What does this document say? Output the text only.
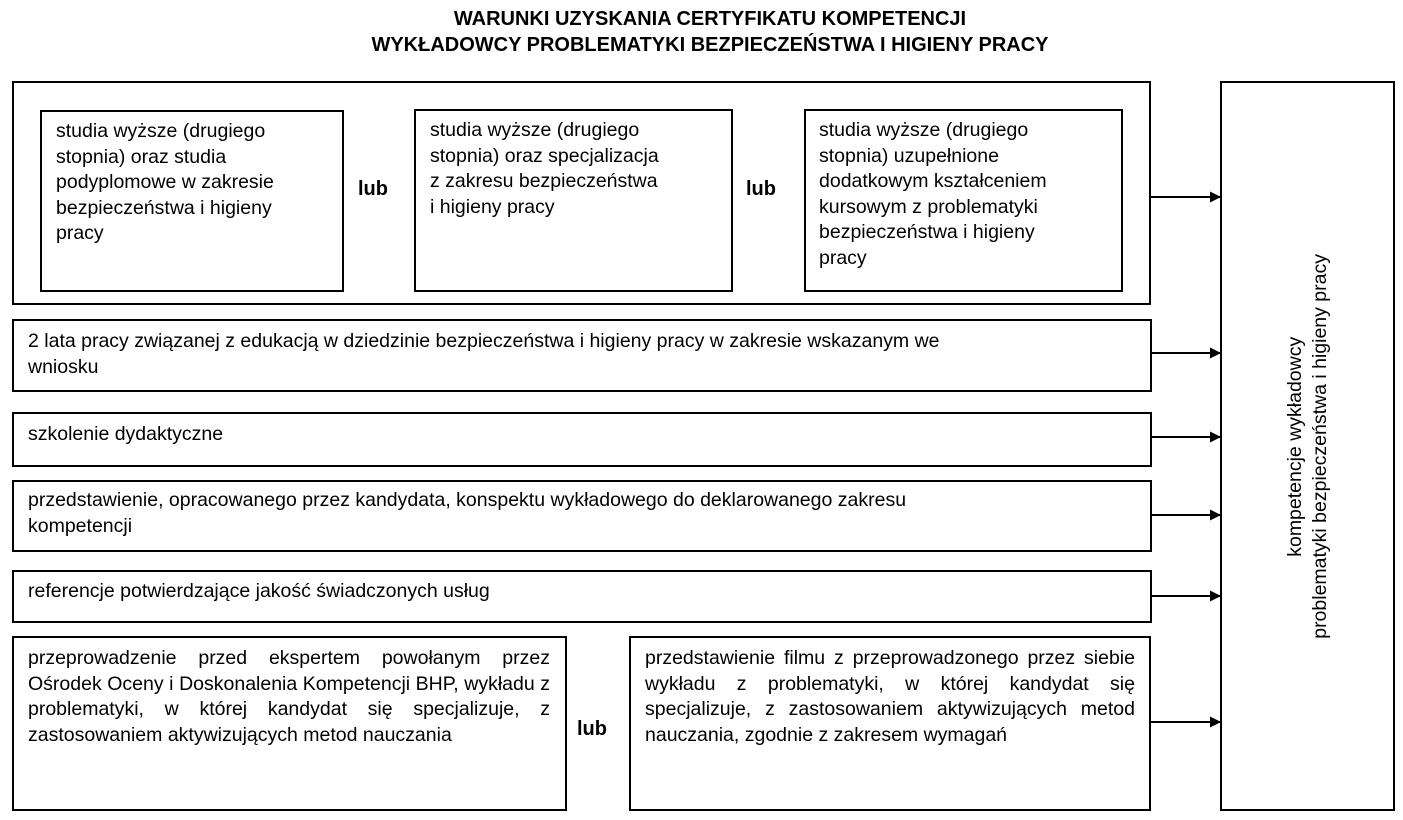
WARUNKI UZYSKANIA CERTYFIKATU KOMPETENCJI
WYKŁADOWCY PROBLEMATYKI BEZPIECZEŃSTWA I HIGIENY PRACY
studia wyższe (drugiego
stopnia) oraz studia
podyplomowe w zakresie
bezpieczeństwa i higieny
pracy
lub
studia wyższe (drugiego
stopnia) oraz specjalizacja
z zakresu bezpieczeństwa
i higieny pracy
lub
studia wyższe (drugiego
stopnia) uzupełnione
dodatkowym kształceniem
kursowym z problematyki
bezpieczeństwa i higieny
pracy
2 lata pracy związanej z edukacją w dziedzinie bezpieczeństwa i higieny pracy w zakresie wskazanym we
wniosku
szkolenie dydaktyczne
przedstawienie, opracowanego przez kandydata, konspektu wykładowego do deklarowanego zakresu
kompetencji
referencje potwierdzające jakość świadczonych usług
przeprowadzenie przed ekspertem powołanym przez Ośrodek Oceny i Doskonalenia Kompetencji BHP, wykładu z problematyki, w której kandydat się specjalizuje, z zastosowaniem aktywizujących metod nauczania	lub
przedstawienie filmu z przeprowadzonego przez siebie wykładu z problematyki, w której kandydat się specjalizuje, z zastosowaniem aktywizujących metod nauczania, zgodnie z zakresem wymagań
kompetencje wykładowcy
problematyki bezpieczeństwa i higieny pracy
